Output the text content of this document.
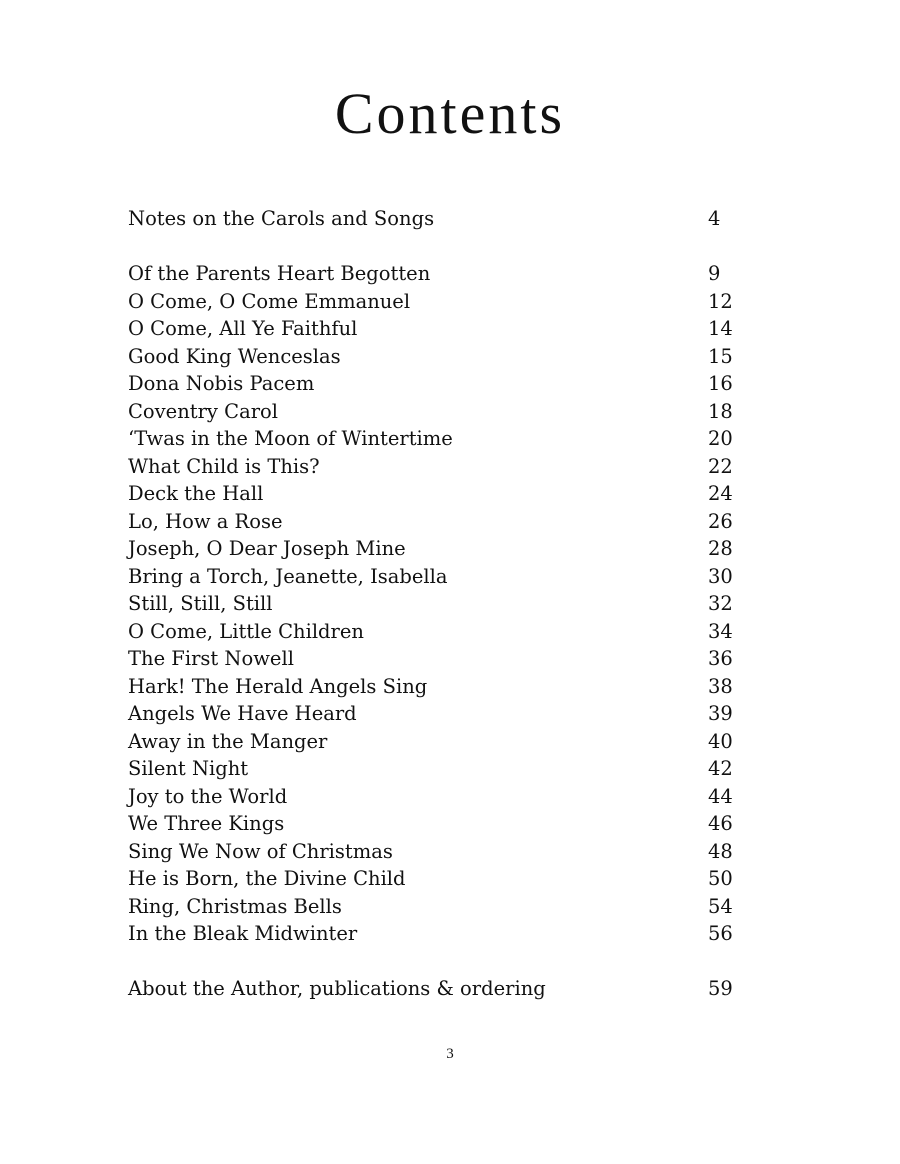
Contents
Notes on the Carols and Songs	4
Of the Parents Heart Begotten	9
O Come, O Come Emmanuel	12
O Come, All Ye Faithful	14
Good King Wenceslas	15
Dona Nobis Pacem	16
Coventry Carol	18
‘Twas in the Moon of Wintertime	20
What Child is This?	22
Deck the Hall	24
Lo, How a Rose	26
Joseph, O Dear Joseph Mine	28
Bring a Torch, Jeanette, Isabella	30
Still, Still, Still	32
O Come, Little Children	34
The First Nowell	36
Hark! The Herald Angels Sing	38
Angels We Have Heard	39
Away in the Manger	40
Silent Night	42
Joy to the World	44
We Three Kings	46
Sing We Now of Christmas	48
He is Born, the Divine Child	50
Ring, Christmas Bells	54
In the Bleak Midwinter	56
About the Author, publications & ordering	59
3
